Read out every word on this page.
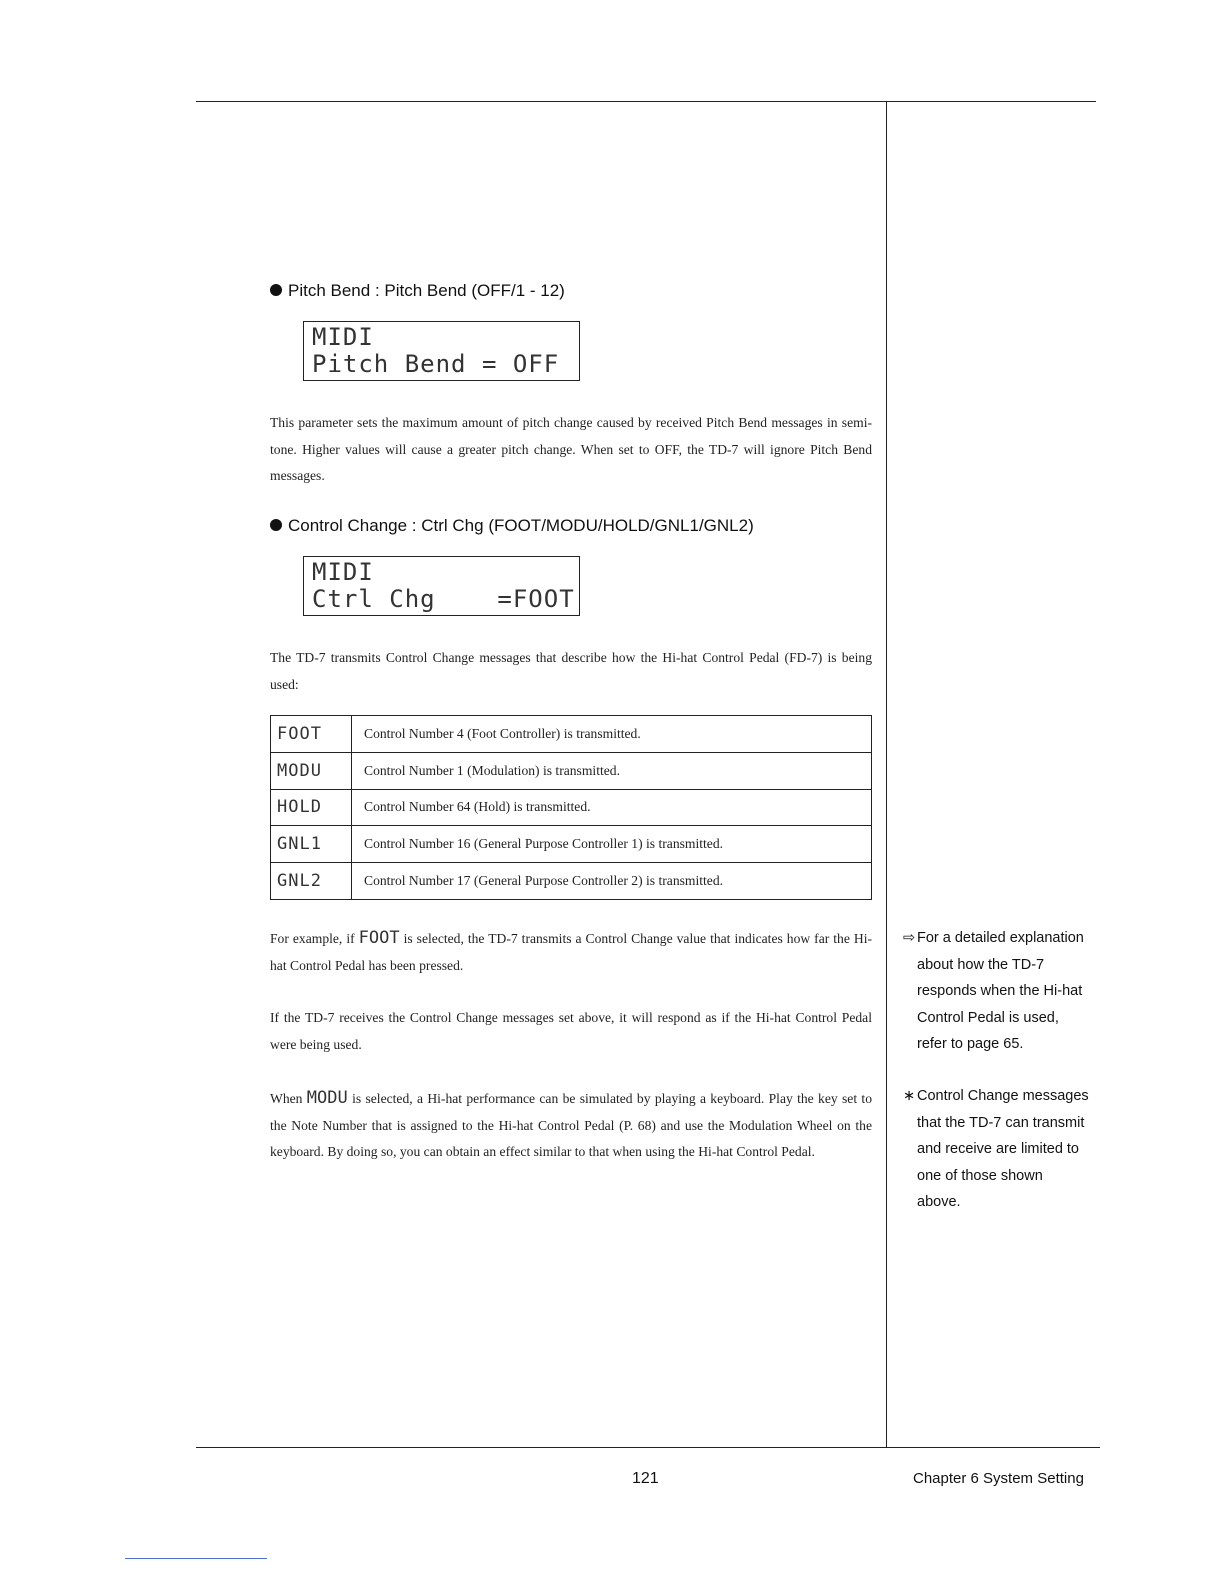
Pitch Bend : Pitch Bend (OFF/1 - 12)
MIDI
Pitch Bend = OFF
This parameter sets the maximum amount of pitch change caused by received Pitch Bend messages in semi-tone. Higher values will cause a greater pitch change. When set to OFF, the TD-7 will ignore Pitch Bend messages.
Control Change : Ctrl Chg (FOOT/MODU/HOLD/GNL1/GNL2)
MIDI
Ctrl Chg    =FOOT
The TD-7 transmits Control Change messages that describe how the Hi-hat Control Pedal (FD-7) is being used:
FOOT	Control Number 4 (Foot Controller) is transmitted.
MODU	Control Number 1 (Modulation) is transmitted.
HOLD	Control Number 64 (Hold) is transmitted.
GNL1	Control Number 16 (General Purpose Controller 1) is transmitted.
GNL2	Control Number 17 (General Purpose Controller 2) is transmitted.
For example, if FOOT is selected, the TD-7 transmits a Control Change value that indicates how far the Hi-hat Control Pedal has been pressed.
If the TD-7 receives the Control Change messages set above, it will respond as if the Hi-hat Control Pedal were being used.
When MODU is selected, a Hi-hat performance can be simulated by playing a keyboard. Play the key set to the Note Number that is assigned to the Hi-hat Control Pedal (P. 68) and use the Modulation Wheel on the keyboard. By doing so, you can obtain an effect similar to that when using the Hi-hat Control Pedal.
⇨ For a detailed explanation about how the TD-7 responds when the Hi-hat Control Pedal is used, refer to page 65.
∗ Control Change messages that the TD-7 can transmit and receive are limited to one of those shown above.
121	Chapter 6 System Setting
